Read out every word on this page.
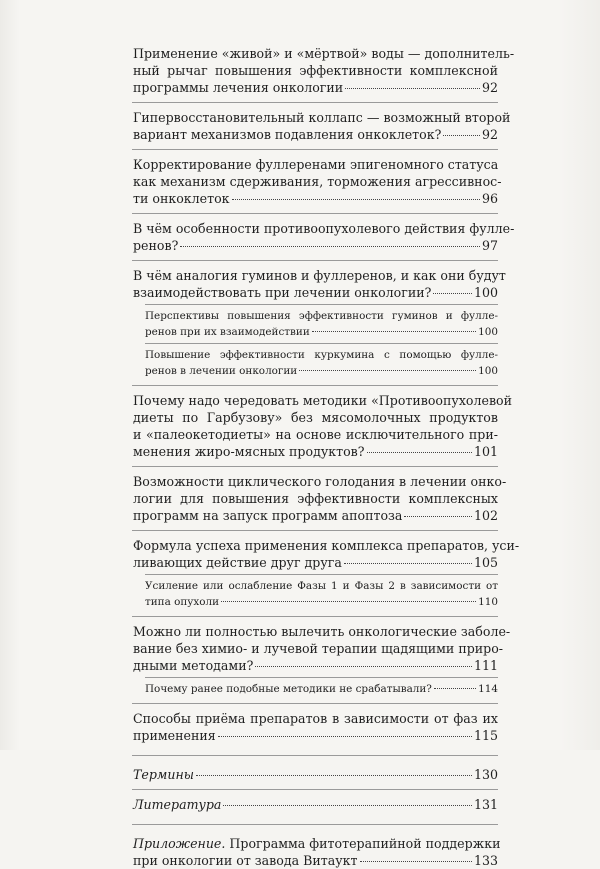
Применение «живой» и «мёртвой» воды — дополнитель-
ный рычаг повышения эффективности комплексной
программы лечения онкологии	92
Гипервосстановительный коллапс — возможный второй
вариант механизмов подавления онкоклеток?	92
Корректирование фуллеренами эпигеномного статуса
как механизм сдерживания, торможения агрессивнос-
ти онкоклеток	96
В чём особенности противоопухолевого действия фулле-
ренов?	97
В чём аналогия гуминов и фуллеренов, и как они будут
взаимодействовать при лечении онкологии?	100
Перспективы повышения эффективности гуминов и фулле-
ренов при их взаимодействии	100
Повышение эффективности куркумина с помощью фулле-
ренов в лечении онкологии	100
Почему надо чередовать методики «Противоопухолевой
диеты по Гарбузову» без мясомолочных продуктов
и «палеокетодиеты» на основе исключительного при-
менения жиро-мясных продуктов?	101
Возможности циклического голодания в лечении онко-
логии для повышения эффективности комплексных
программ на запуск программ апоптоза	102
Формула успеха применения комплекса препаратов, уси-
ливающих действие друг друга	105
Усиление или ослабление Фазы 1 и Фазы 2 в зависимости от
типа опухоли	110
Можно ли полностью вылечить онкологические заболе-
вание без химио- и лучевой терапии щадящими приро-
дными методами?	111
Почему ранее подобные методики не срабатывали?	114
Способы приёма препаратов в зависимости от фаз их
применения	115
Термины	130
Литература	131
Приложение.
Программа фитотерапийной поддержки
при онкологии от завода Витаукт	133
